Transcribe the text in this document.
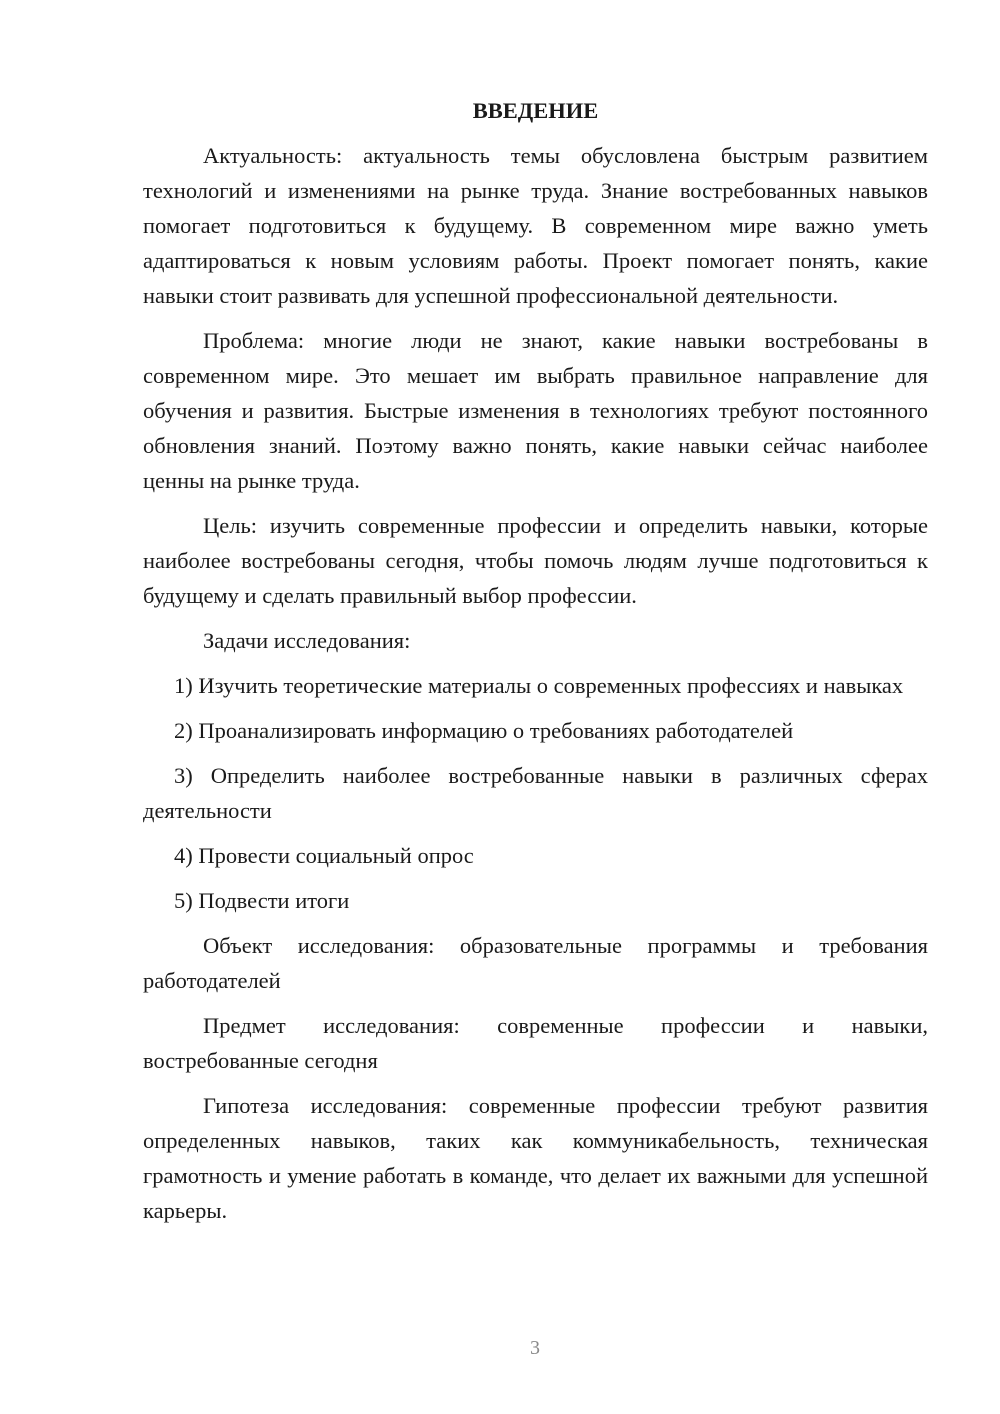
ВВЕДЕНИЕ

Актуальность: актуальность темы обусловлена быстрым развитием технологий и изменениями на рынке труда. Знание востребованных навыков помогает подготовиться к будущему. В современном мире важно уметь адаптироваться к новым условиям работы. Проект помогает понять, какие навыки стоит развивать для успешной профессиональной деятельности.

Проблема: многие люди не знают, какие навыки востребованы в современном мире. Это мешает им выбрать правильное направление для обучения и развития. Быстрые изменения в технологиях требуют постоянного обновления знаний. Поэтому важно понять, какие навыки сейчас наиболее ценны на рынке труда.

Цель: изучить современные профессии и определить навыки, которые наиболее востребованы сегодня, чтобы помочь людям лучше подготовиться к будущему и сделать правильный выбор профессии.

Задачи исследования:

1) Изучить теоретические материалы о современных профессиях и навыках

2) Проанализировать информацию о требованиях работодателей

3) Определить наиболее востребованные навыки в различных сферах деятельности

4) Провести социальный опрос

5) Подвести итоги

Объект исследования: образовательные программы и требования работодателей

Предмет исследования: современные профессии и навыки, востребованные сегодня

Гипотеза исследования: современные профессии требуют развития определенных навыков, таких как коммуникабельность, техническая грамотность и умение работать в команде, что делает их важными для успешной карьеры.

3
